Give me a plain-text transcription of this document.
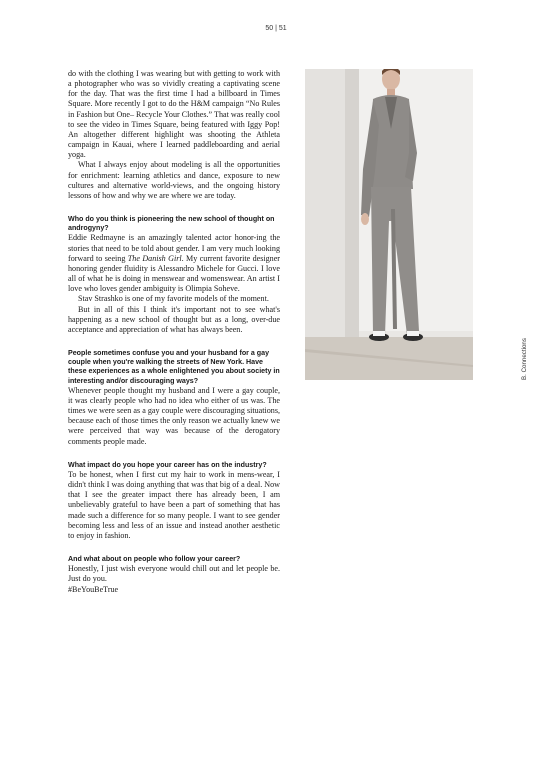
50 | 51

do with the clothing I was wearing but with getting to work with a photographer who was so vividly creating a captivating scene for the day. That was the first time I had a billboard in Times Square. More recently I got to do the H&M campaign “No Rules in Fashion but One– Recycle Your Clothes.” That was really cool to see the video in Times Square, being featured with Iggy Pop! An altogether different highlight was shooting the Athleta campaign in Kauai, where I learned paddleboarding and aerial yoga.

What I always enjoy about modeling is all the opportunities for enrichment: learning athletics and dance, exposure to new cultures and alternative world-views, and the ongoing history lessons of how and why we are where we are today.

Who do you think is pioneering the new school of thought on androgyny?

Eddie Redmayne is an amazingly talented actor honor-ing the stories that need to be told about gender. I am very much looking forward to seeing The Danish Girl. My current favorite designer honoring gender fluidity is Alessandro Michele for Gucci. I love all of what he is doing in menswear and womenswear. An artist I love who loves gender ambiguity is Olimpia Soheve.

Stav Strashko is one of my favorite models of the moment.

But in all of this I think it's important not to see what's happening as a new school of thought but as a long, over-due acceptance and appreciation of what has always been.

People sometimes confuse you and your husband for a gay couple when you're walking the streets of New York. Have these experiences as a whole enlightened you about society in interesting and/or discouraging ways?

Whenever people thought my husband and I were a gay couple, it was clearly people who had no idea who either of us was. The times we were seen as a gay couple were discouraging situations, because each of those times the only reason we actually knew we were perceived that way was because of the derogatory comments people made.

What impact do you hope your career has on the industry?

To be honest, when I first cut my hair to work in mens-wear, I didn't think I was doing anything that was that big of a deal. Now that I see the greater impact there has already been, I am unbelievably grateful to have been a part of something that has made such a difference for so many people. I want to see gender becoming less and less of an issue and instead another aesthetic to enjoy in fashion.

And what about on people who follow your career?

Honestly, I just wish everyone would chill out and let people be. Just do you.

#BeYouBeTrue

B. Connections
